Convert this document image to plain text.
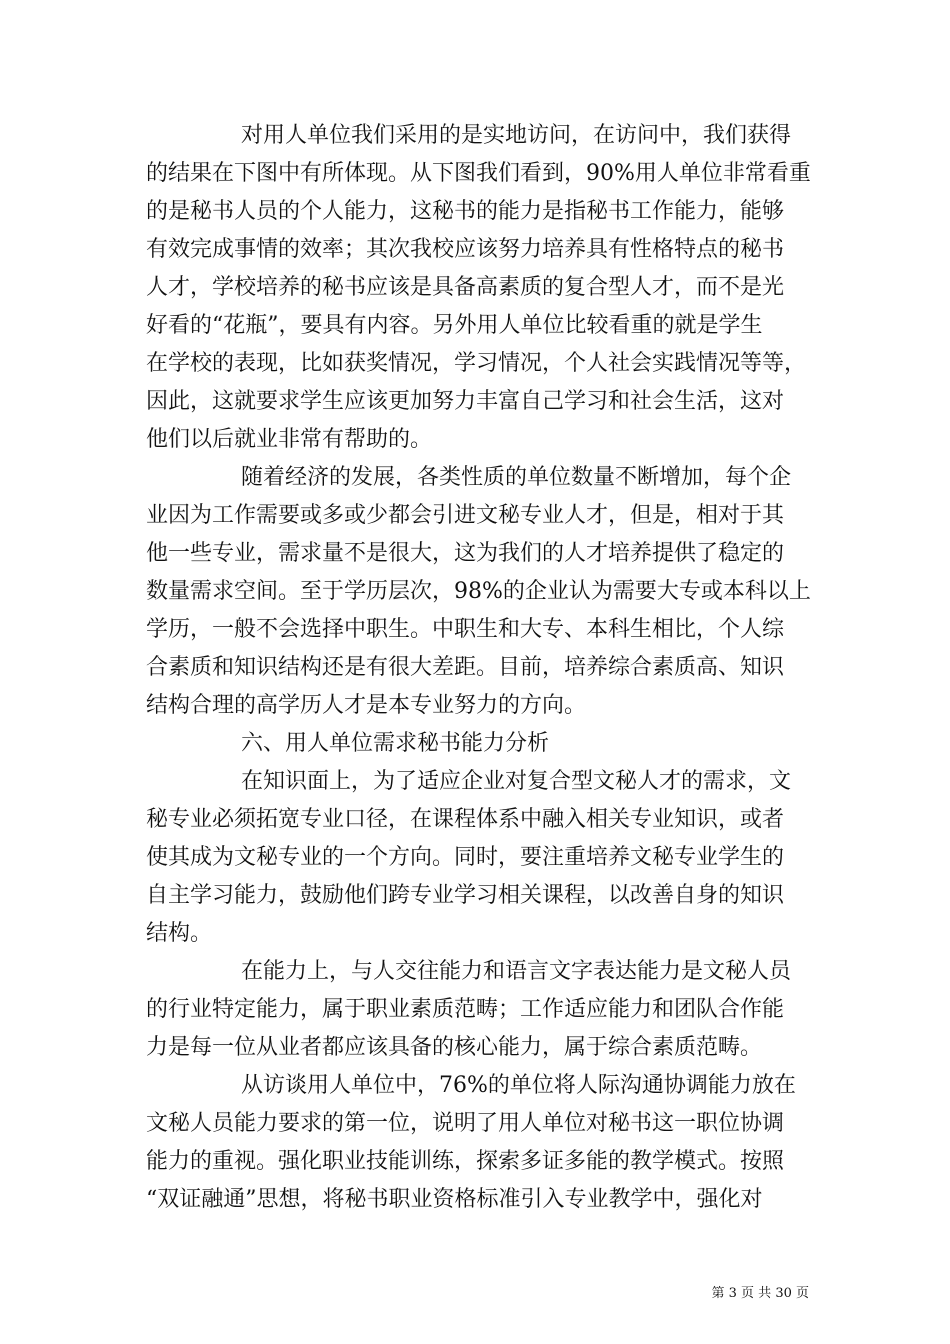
对用人单位我们采用的是实地访问，在访问中，我们获得
的结果在下图中有所体现。从下图我们看到，90%用人单位非常看重
的是秘书人员的个人能力，这秘书的能力是指秘书工作能力，能够
有效完成事情的效率；其次我校应该努力培养具有性格特点的秘书
人才，学校培养的秘书应该是具备高素质的复合型人才，而不是光
好看的“花瓶”，要具有内容。另外用人单位比较看重的就是学生
在学校的表现，比如获奖情况，学习情况，个人社会实践情况等等，
因此，这就要求学生应该更加努力丰富自己学习和社会生活，这对
他们以后就业非常有帮助的。
随着经济的发展，各类性质的单位数量不断增加，每个企
业因为工作需要或多或少都会引进文秘专业人才，但是，相对于其
他一些专业，需求量不是很大，这为我们的人才培养提供了稳定的
数量需求空间。至于学历层次，98%的企业认为需要大专或本科以上
学历，一般不会选择中职生。中职生和大专、本科生相比，个人综
合素质和知识结构还是有很大差距。目前，培养综合素质高、知识
结构合理的高学历人才是本专业努力的方向。
六、用人单位需求秘书能力分析
在知识面上，为了适应企业对复合型文秘人才的需求，文
秘专业必须拓宽专业口径，在课程体系中融入相关专业知识，或者
使其成为文秘专业的一个方向。同时，要注重培养文秘专业学生的
自主学习能力，鼓励他们跨专业学习相关课程，以改善自身的知识
结构。
在能力上，与人交往能力和语言文字表达能力是文秘人员
的行业特定能力，属于职业素质范畴；工作适应能力和团队合作能
力是每一位从业者都应该具备的核心能力，属于综合素质范畴。
从访谈用人单位中，76%的单位将人际沟通协调能力放在
文秘人员能力要求的第一位，说明了用人单位对秘书这一职位协调
能力的重视。强化职业技能训练，探索多证多能的教学模式。按照
“双证融通”思想，将秘书职业资格标准引入专业教学中，强化对
第 3 页 共 30 页
